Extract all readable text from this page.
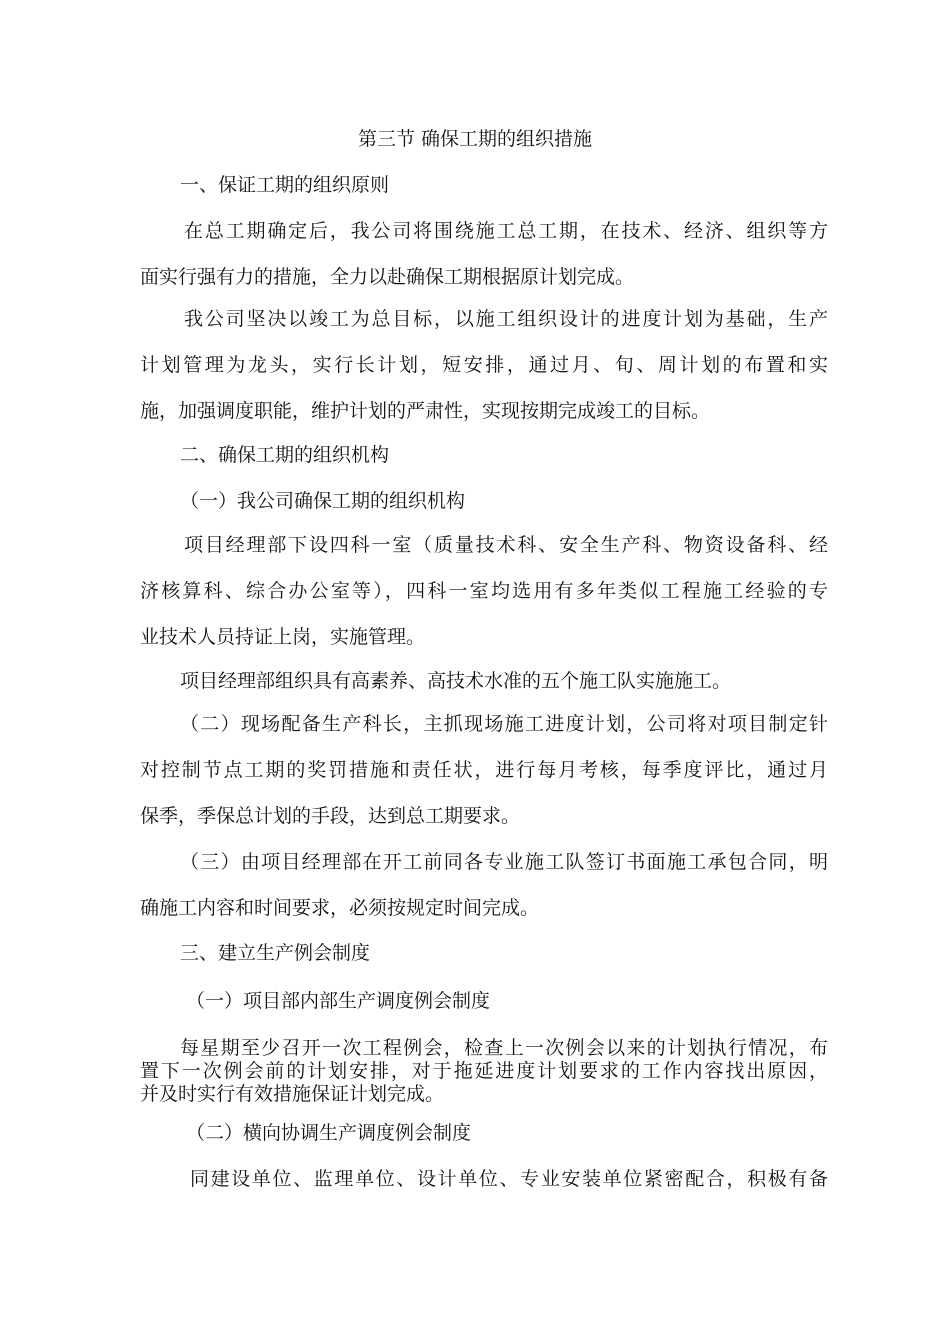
第三节 确保工期的组织措施

一、保证工期的组织原则

在总工期确定后，我公司将围绕施工总工期，在技术、经济、组织等方
面实行强有力的措施，全力以赴确保工期根据原计划完成。
我公司坚决以竣工为总目标，以施工组织设计的进度计划为基础，生产
计划管理为龙头，实行长计划，短安排，通过月、旬、周计划的布置和实
施，加强调度职能，维护计划的严肃性，实现按期完成竣工的目标。

二、确保工期的组织机构

（一）我公司确保工期的组织机构

项目经理部下设四科一室（质量技术科、安全生产科、物资设备科、经
济核算科、综合办公室等），四科一室均选用有多年类似工程施工经验的专
业技术人员持证上岗，实施管理。

项目经理部组织具有高素养、高技术水准的五个施工队实施施工。

（二）现场配备生产科长，主抓现场施工进度计划，公司将对项目制定针
对控制节点工期的奖罚措施和责任状，进行每月考核，每季度评比，通过月
保季，季保总计划的手段，达到总工期要求。
（三）由项目经理部在开工前同各专业施工队签订书面施工承包合同，明
确施工内容和时间要求，必须按规定时间完成。

三、建立生产例会制度

（一）项目部内部生产调度例会制度

每星期至少召开一次工程例会，检查上一次例会以来的计划执行情况，布
置下一次例会前的计划安排，对于拖延进度计划要求的工作内容找出原因，
并及时实行有效措施保证计划完成。

（二）横向协调生产调度例会制度

同建设单位、监理单位、设计单位、专业安装单位紧密配合，积极有备
